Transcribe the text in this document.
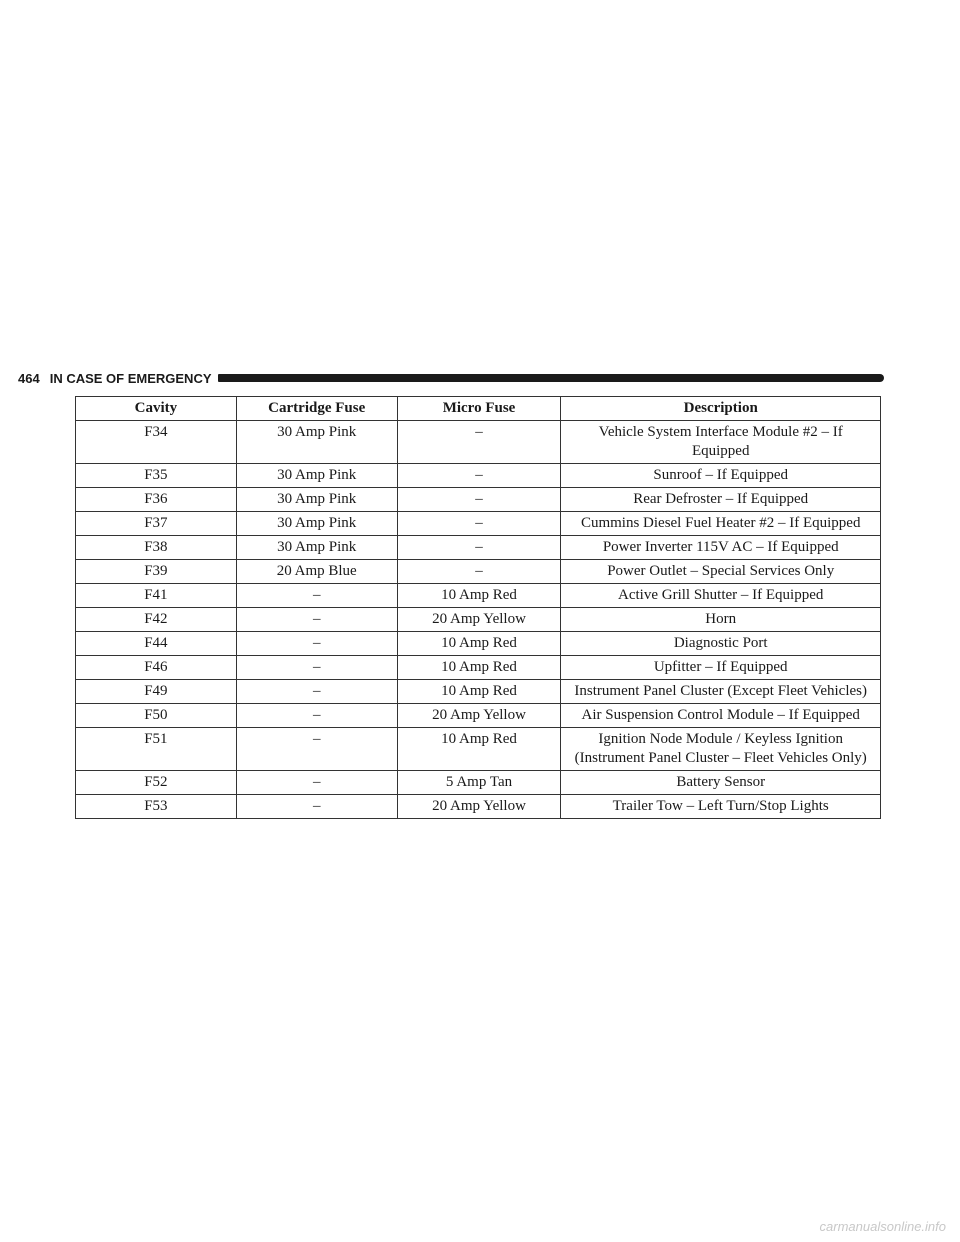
464 IN CASE OF EMERGENCY
Cavity	Cartridge Fuse	Micro Fuse	Description
F34	30 Amp Pink	–	Vehicle System Interface Module #2 – If Equipped
F35	30 Amp Pink	–	Sunroof – If Equipped
F36	30 Amp Pink	–	Rear Defroster – If Equipped
F37	30 Amp Pink	–	Cummins Diesel Fuel Heater #2 – If Equipped
F38	30 Amp Pink	–	Power Inverter 115V AC – If Equipped
F39	20 Amp Blue	–	Power Outlet – Special Services Only
F41	–	10 Amp Red	Active Grill Shutter – If Equipped
F42	–	20 Amp Yellow	Horn
F44	–	10 Amp Red	Diagnostic Port
F46	–	10 Amp Red	Upfitter – If Equipped
F49	–	10 Amp Red	Instrument Panel Cluster (Except Fleet Vehicles)
F50	–	20 Amp Yellow	Air Suspension Control Module – If Equipped
F51	–	10 Amp Red	Ignition Node Module / Keyless Ignition (Instrument Panel Cluster – Fleet Vehicles Only)
F52	–	5 Amp Tan	Battery Sensor
F53	–	20 Amp Yellow	Trailer Tow – Left Turn/Stop Lights
carmanualsonline.info
